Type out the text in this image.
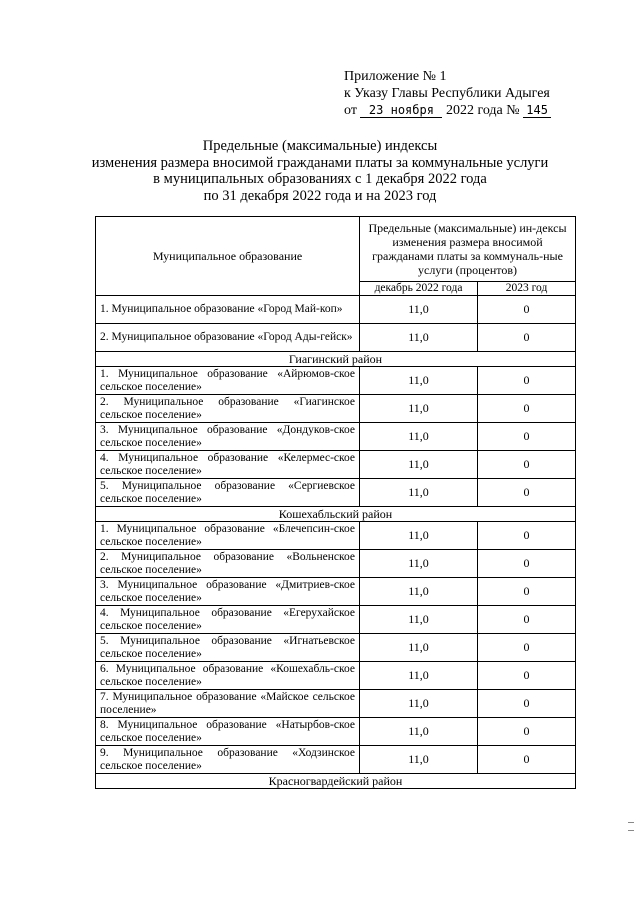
Приложение № 1
к Указу Главы Республики Адыгея
от 23 ноября 2022 года № 145
Предельные (максимальные) индексы
изменения размера вносимой гражданами платы за коммунальные услуги
в муниципальных образованиях с 1 декабря 2022 года
по 31 декабря 2022 года и на 2023 год
Муниципальное образование	Предельные (максимальные) ин-дексы изменения размера вносимой гражданами платы за коммуналь-ные услуги (процентов)	
	декабрь 2022 года	2023 год
1. Муниципальное образование «Город Май-коп»	11,0	0
2. Муниципальное образование «Город Ады-гейск»	11,0	0
Гиагинский район		
1. Муниципальное образование «Айрюмов-ское сельское поселение»	11,0	0
2. Муниципальное образование «Гиагинское сельское поселение»	11,0	0
3. Муниципальное образование «Дондуков-ское сельское поселение»	11,0	0
4. Муниципальное образование «Келермес-ское сельское поселение»	11,0	0
5. Муниципальное образование «Сергиевское сельское поселение»	11,0	0
Кошехабльский район		
1. Муниципальное образование «Блечепсин-ское сельское поселение»	11,0	0
2. Муниципальное образование «Вольненское сельское поселение»	11,0	0
3. Муниципальное образование «Дмитриев-ское сельское поселение»	11,0	0
4. Муниципальное образование «Егерухайское сельское поселение»	11,0	0
5. Муниципальное образование «Игнатьевское сельское поселение»	11,0	0
6. Муниципальное образование «Кошехабль-ское сельское поселение»	11,0	0
7. Муниципальное образование «Майское сельское поселение»	11,0	0
8. Муниципальное образование «Натырбов-ское сельское поселение»	11,0	0
9. Муниципальное образование «Ходзинское сельское поселение»	11,0	0
Красногвардейский район		
